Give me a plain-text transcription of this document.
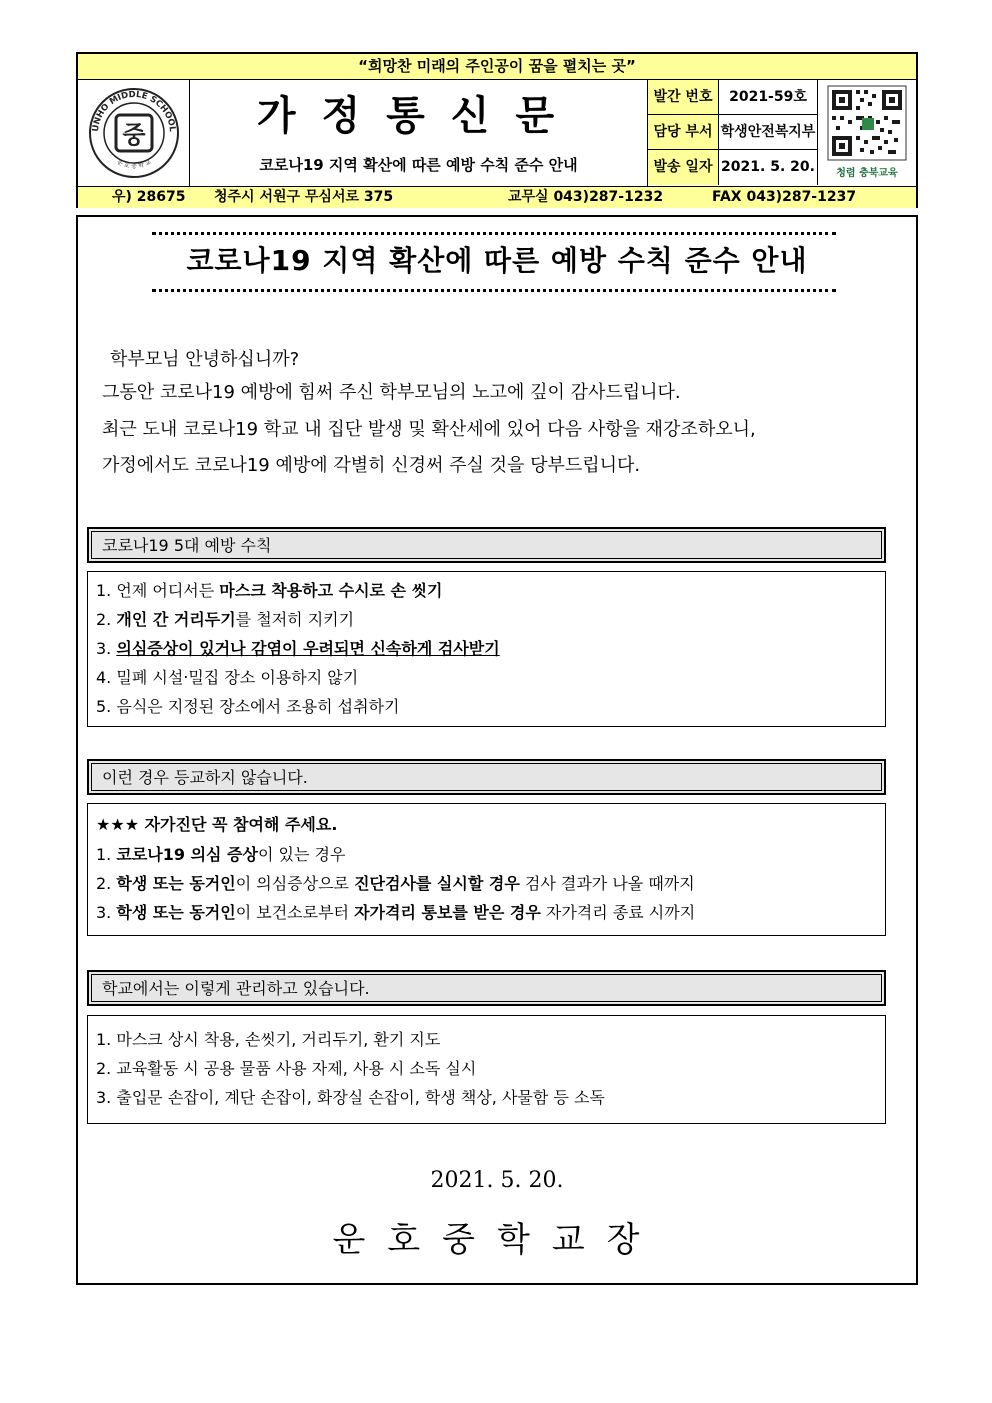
“희망찬 미래의 주인공이 꿈을 펼치는 곳”
UNHO MIDDLE SCHOOL
운 호 중 학 교
중	가정통신문
코로나19 지역 확산에 따른 예방 수칙 준수 안내
발간 번호	2021-59호
담당 부서 학생안전복지부
발송 일자 2021. 5. 20.	청렴 충북교육
우) 28675 청주시 서원구 무심서로 375	교무실 043)287-1232	FAX 043)287-1237
코로나19 지역 확산에 따른 예방 수칙 준수 안내
학부모님 안녕하십니까?
그동안 코로나19 예방에 힘써 주신 학부모님의 노고에 깊이 감사드립니다.
최근 도내 코로나19 학교 내 집단 발생 및 확산세에 있어 다음 사항을 재강조하오니,
가정에서도 코로나19 예방에 각별히 신경써 주실 것을 당부드립니다.
코로나19 5대 예방 수칙
1. 언제 어디서든 마스크 착용하고 수시로 손 씻기
2. 개인 간 거리두기를 철저히 지키기
3. 의심증상이 있거나 감염이 우려되면 신속하게 검사받기
4. 밀폐 시설‧밀집 장소 이용하지 않기
5. 음식은 지정된 장소에서 조용히 섭취하기
이런 경우 등교하지 않습니다.
★★★ 자가진단 꼭 참여해 주세요.
1. 코로나19 의심 증상이 있는 경우
2. 학생 또는 동거인이 의심증상으로 진단검사를 실시할 경우 검사 결과가 나올 때까지
3. 학생 또는 동거인이 보건소로부터 자가격리 통보를 받은 경우 자가격리 종료 시까지
학교에서는 이렇게 관리하고 있습니다.
1. 마스크 상시 착용, 손씻기, 거리두기, 환기 지도
2. 교육활동 시 공용 물품 사용 자제, 사용 시 소독 실시
3. 출입문 손잡이, 계단 손잡이, 화장실 손잡이, 학생 책상, 사물함 등 소독
2021. 5. 20.
운호중학교장
